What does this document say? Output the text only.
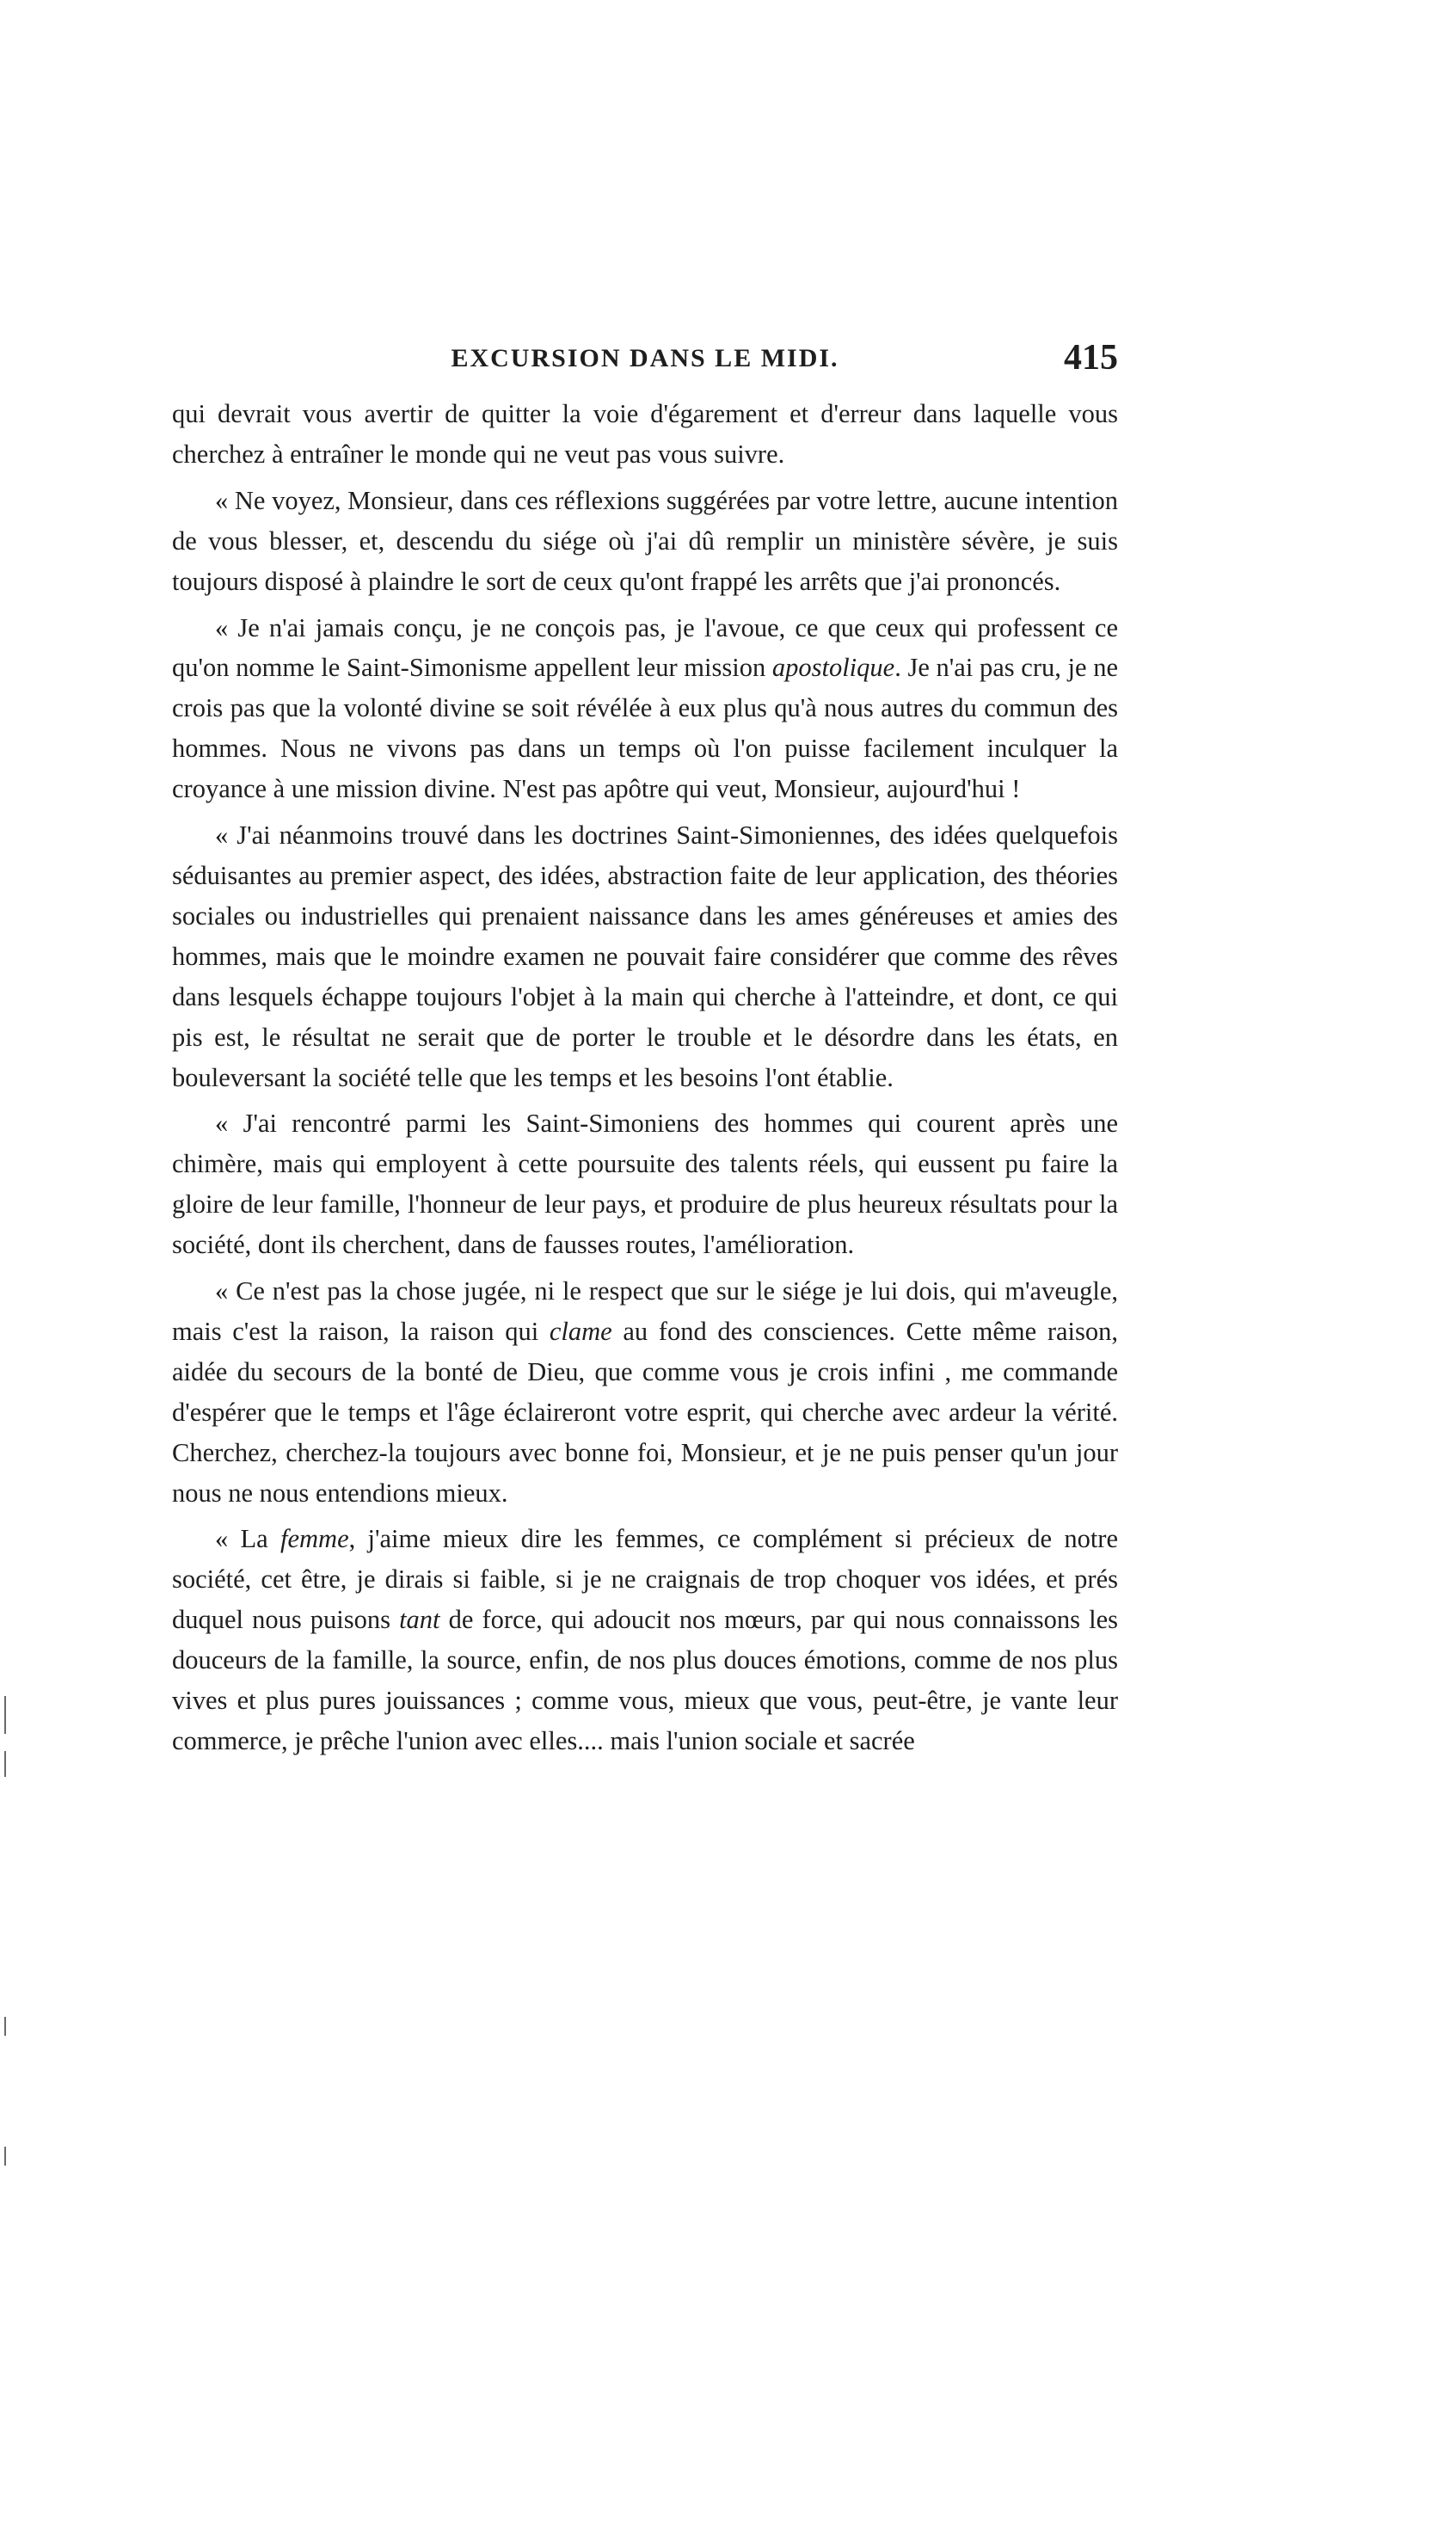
EXCURSION DANS LE MIDI.	415

qui devrait vous avertir de quitter la voie d'égarement et d'erreur dans laquelle vous cherchez à entraîner le monde qui ne veut pas vous suivre.

« Ne voyez, Monsieur, dans ces réflexions suggérées par votre lettre, aucune intention de vous blesser, et, descendu du siége où j'ai dû remplir un ministère sévère, je suis toujours disposé à plaindre le sort de ceux qu'ont frappé les arrêts que j'ai prononcés.

« Je n'ai jamais conçu, je ne conçois pas, je l'avoue, ce que ceux qui professent ce qu'on nomme le Saint-Simonisme appellent leur mission apostolique. Je n'ai pas cru, je ne crois pas que la volonté divine se soit révélée à eux plus qu'à nous autres du commun des hommes. Nous ne vivons pas dans un temps où l'on puisse facilement inculquer la croyance à une mission divine. N'est pas apôtre qui veut, Monsieur, aujourd'hui !

« J'ai néanmoins trouvé dans les doctrines Saint-Simoniennes, des idées quelquefois séduisantes au premier aspect, des idées, abstraction faite de leur application, des théories sociales ou industrielles qui prenaient naissance dans les ames généreuses et amies des hommes, mais que le moindre examen ne pouvait faire considérer que comme des rêves dans lesquels échappe toujours l'objet à la main qui cherche à l'atteindre, et dont, ce qui pis est, le résultat ne serait que de porter le trouble et le désordre dans les états, en bouleversant la société telle que les temps et les besoins l'ont établie.

« J'ai rencontré parmi les Saint-Simoniens des hommes qui courent après une chimère, mais qui employent à cette poursuite des talents réels, qui eussent pu faire la gloire de leur famille, l'honneur de leur pays, et produire de plus heureux résultats pour la société, dont ils cherchent, dans de fausses routes, l'amélioration.

« Ce n'est pas la chose jugée, ni le respect que sur le siége je lui dois, qui m'aveugle, mais c'est la raison, la raison qui clame au fond des consciences. Cette même raison, aidée du secours de la bonté de Dieu, que comme vous je crois infini , me commande d'espérer que le temps et l'âge éclaireront votre esprit, qui cherche avec ardeur la vérité. Cherchez, cherchez-la toujours avec bonne foi, Monsieur, et je ne puis penser qu'un jour nous ne nous entendions mieux.

« La femme, j'aime mieux dire les femmes, ce complément si précieux de notre société, cet être, je dirais si faible, si je ne craignais de trop choquer vos idées, et prés duquel nous puisons tant de force, qui adoucit nos mœurs, par qui nous connaissons les douceurs de la famille, la source, enfin, de nos plus douces émotions, comme de nos plus vives et plus pures jouissances ; comme vous, mieux que vous, peut-être, je vante leur commerce, je prêche l'union avec elles.... mais l'union sociale et sacrée
